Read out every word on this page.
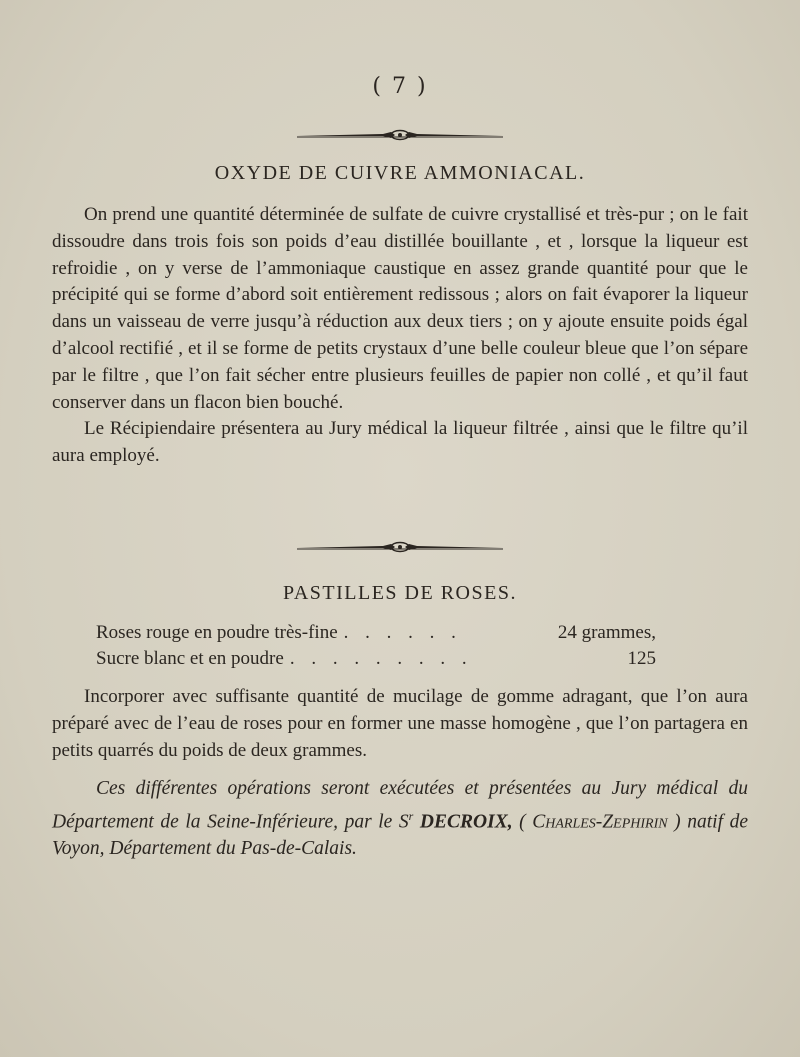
( 7 )
OXYDE DE CUIVRE AMMONIACAL.

On prend une quantité déterminée de sulfate de cuivre crystallisé et très-pur ; on le fait dissoudre dans trois fois son poids d’eau distillée bouillante , et , lorsque la liqueur est refroidie , on y verse de l’ammoniaque caustique en assez grande quantité pour que le précipité qui se forme d’abord soit entièrement redissous ; alors on fait évaporer la liqueur dans un vaisseau de verre jusqu’à réduction aux deux tiers ; on y ajoute ensuite poids égal d’alcool rectifié , et il se forme de petits crystaux d’une belle couleur bleue que l’on sépare par le filtre , que l’on fait sécher entre plusieurs feuilles de papier non collé , et qu’il faut conserver dans un flacon bien bouché.

Le Récipiendaire présentera au Jury médical la liqueur filtrée , ainsi que le filtre qu’il aura employé.

PASTILLES DE ROSES.
Roses rouge en poudre très-fine . . . . . .	24 grammes,
Sucre blanc et en poudre . . . . . . . . .	125

Incorporer avec suffisante quantité de mucilage de gomme adragant, que l’on aura préparé avec de l’eau de roses pour en former une masse homogène , que l’on partagera en petits quarrés du poids de deux grammes.

Ces différentes opérations seront exécutées et présentées au Jury médical du Département de la Seine-Inférieure, par le $S^r$ DECROIX, ( Charles-Zephirin ) natif de Voyon, Département du Pas-de-Calais.
